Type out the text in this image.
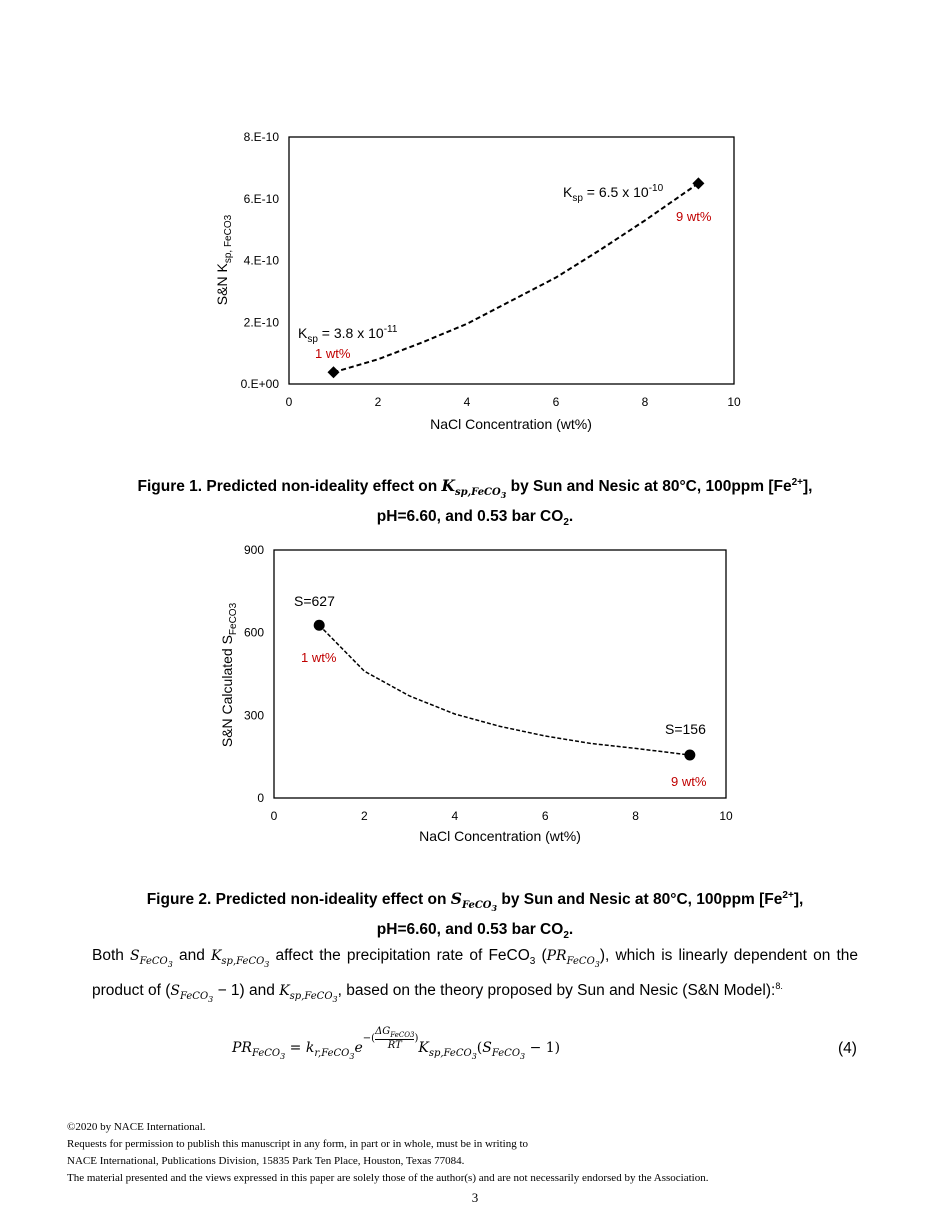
0.E+00
2.E-10
4.E-10
6.E-10
8.E-10
0	2	4	6	8	10
NaCl Concentration (wt%)
S&N $K_{sp, FeCO3}$
$K_{sp} = 3.8$ x $10^{-11}$
1 wt%
$K_{sp} = 6.5$ x $10^{-10}$
9 wt%
Figure 1. Predicted non-ideality effect on $K_{sp,FeCO_3}$ by Sun and Nesic at 80°C, 100ppm $[Fe^{2+}]$,
pH=6.60, and 0.53 bar $CO_2$.
0
300
600
900
0	2	4	6	8	10
NaCl Concentration (wt%)
S&N Calculated $S_{FeCO3}$
S=627
1 wt%
S=156
9 wt%
Figure 2. Predicted non-ideality effect on $S_{FeCO_3}$ by Sun and Nesic at 80°C, 100ppm $[Fe^{2+}]$,
pH=6.60, and 0.53 bar $CO_2$.
Both $S_{FeCO_3}$ and $K_{sp,FeCO_3}$ affect the precipitation rate of FeCO$_3$ $(PR_{FeCO_3})$, which is linearly dependent on the product of $(S_{FeCO_3} - 1)$ and $K_{sp,FeCO_3}$, based on the theory proposed by Sun and Nesic (S&N Model):$^{8.}$
$PR_{FeCO_3} = k_{r,FeCO_3}e-$(
$\Delta G_{FeCO3}$
RT
)$K_{sp,FeCO_3}(S_{FeCO_3} - 1)$	(4)
©2020 by NACE International.
Requests for permission to publish this manuscript in any form, in part or in whole, must be in writing to
NACE International, Publications Division, 15835 Park Ten Place, Houston, Texas 77084.
The material presented and the views expressed in this paper are solely those of the author(s) and are not necessarily endorsed by the Association.
3
